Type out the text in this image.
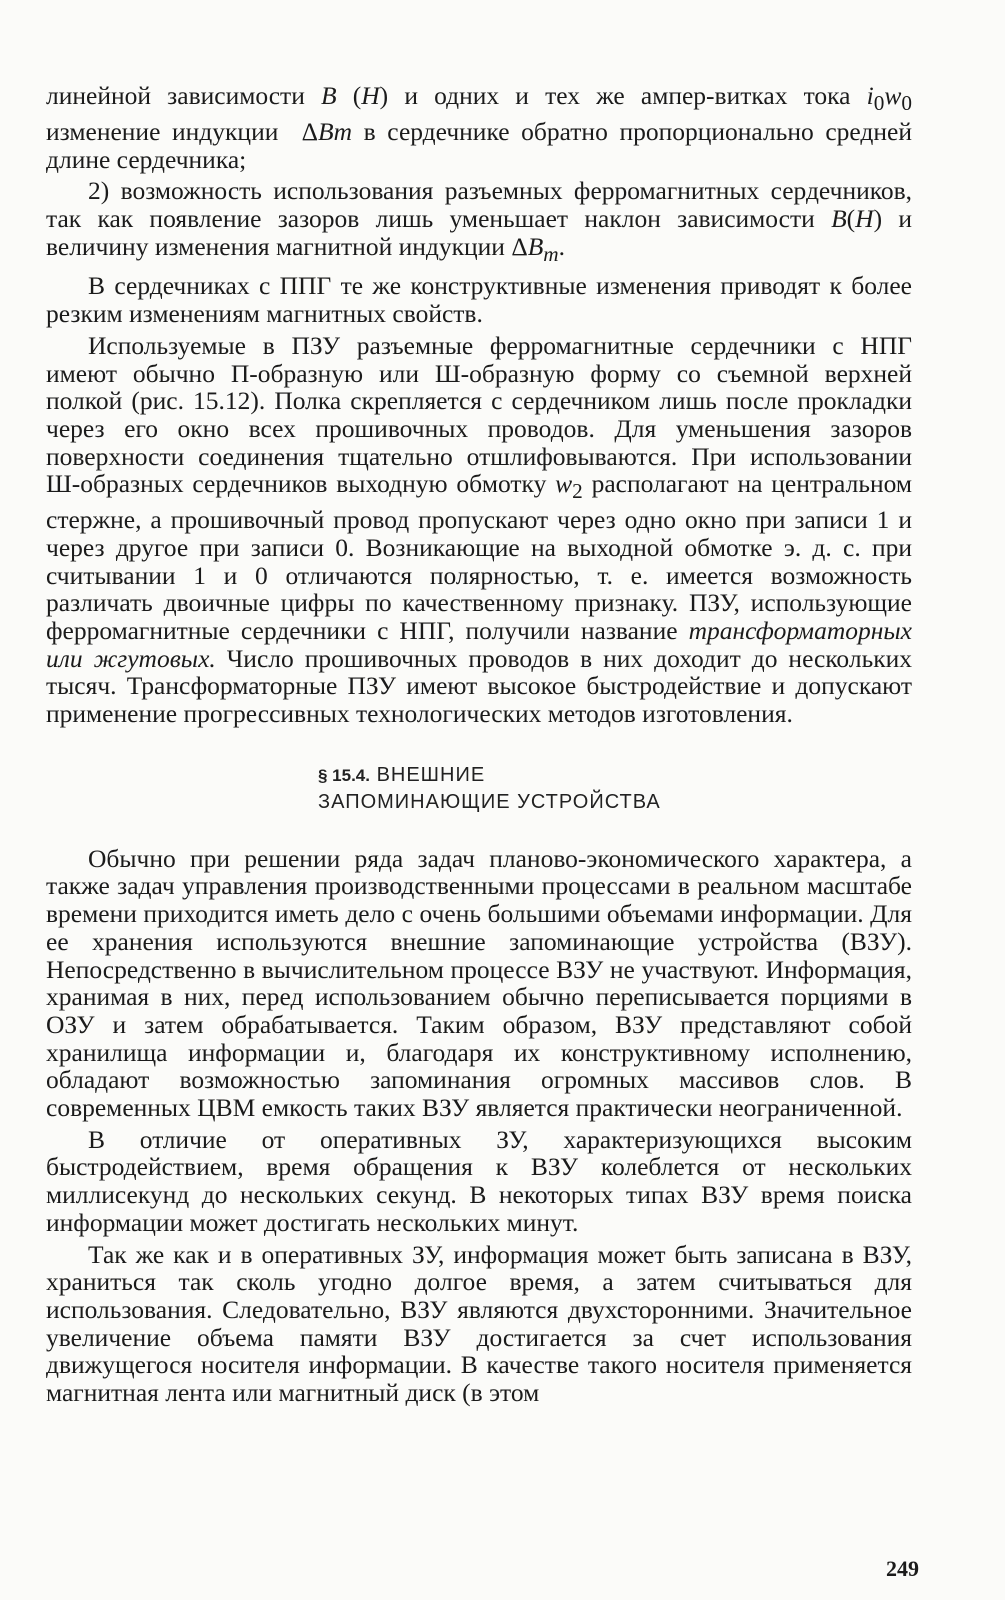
линейной зависимости B (H) и одних и тех же ампер-витках тока $i_0w_0$ изменение индукции  ΔBm в сердечнике обратно пропорционально средней длине сердечника;

2) возможность использования разъемных ферромагнитных сердечников, так как появление зазоров лишь уменьшает наклон зависимости B(H) и величину изменения магнитной индукции $\Delta B_m$.

В сердечниках с ППГ те же конструктивные изменения приводят к более резким изменениям магнитных свойств.

Используемые в ПЗУ разъемные ферромагнитные сердечники с НПГ имеют обычно П-образную или Ш-образную форму со съемной верхней полкой (рис. 15.12). Полка скрепляется с сердечником лишь после прокладки через его окно всех прошивочных проводов. Для уменьшения зазоров поверхности соединения тщательно отшлифовываются. При использовании Ш-образных сердечников выходную обмотку $w_2$ располагают на центральном стержне, а прошивочный провод пропускают через одно окно при записи 1 и через другое при записи 0. Возникающие на выходной обмотке э. д. с. при считывании 1 и 0 отличаются полярностью, т. е. имеется возможность различать двоичные цифры по качественному признаку. ПЗУ, использующие ферромагнитные сердечники с НПГ, получили название трансформаторных или жгутовых. Число прошивочных проводов в них доходит до нескольких тысяч. Трансформаторные ПЗУ имеют высокое быстродействие и допускают применение прогрессивных технологических методов изготовления.

§ 15.4. ВНЕШНИЕ
ЗАПОМИНАЮЩИЕ УСТРОЙСТВА

Обычно при решении ряда задач планово-экономического характера, а также задач управления производственными процессами в реальном масштабе времени приходится иметь дело с очень большими объемами информации. Для ее хранения используются внешние запоминающие устройства (ВЗУ). Непосредственно в вычислительном процессе ВЗУ не участвуют. Информация, хранимая в них, перед использованием обычно переписывается порциями в ОЗУ и затем обрабатывается. Таким образом, ВЗУ представляют собой хранилища информации и, благодаря их конструктивному исполнению, обладают возможностью запоминания огромных массивов слов. В современных ЦВМ емкость таких ВЗУ является практически неограниченной.

В отличие от оперативных ЗУ, характеризующихся высоким быстродействием, время обращения к ВЗУ колеблется от нескольких миллисекунд до нескольких секунд. В некоторых типах ВЗУ время поиска информации может достигать нескольких минут.

Так же как и в оперативных ЗУ, информация может быть записана в ВЗУ, храниться так сколь угодно долгое время, а затем считываться для использования. Следовательно, ВЗУ являются двухсторонними. Значительное увеличение объема памяти ВЗУ достигается за счет использования движущегося носителя информации. В качестве такого носителя применяется магнитная лента или магнитный диск (в этом

249
